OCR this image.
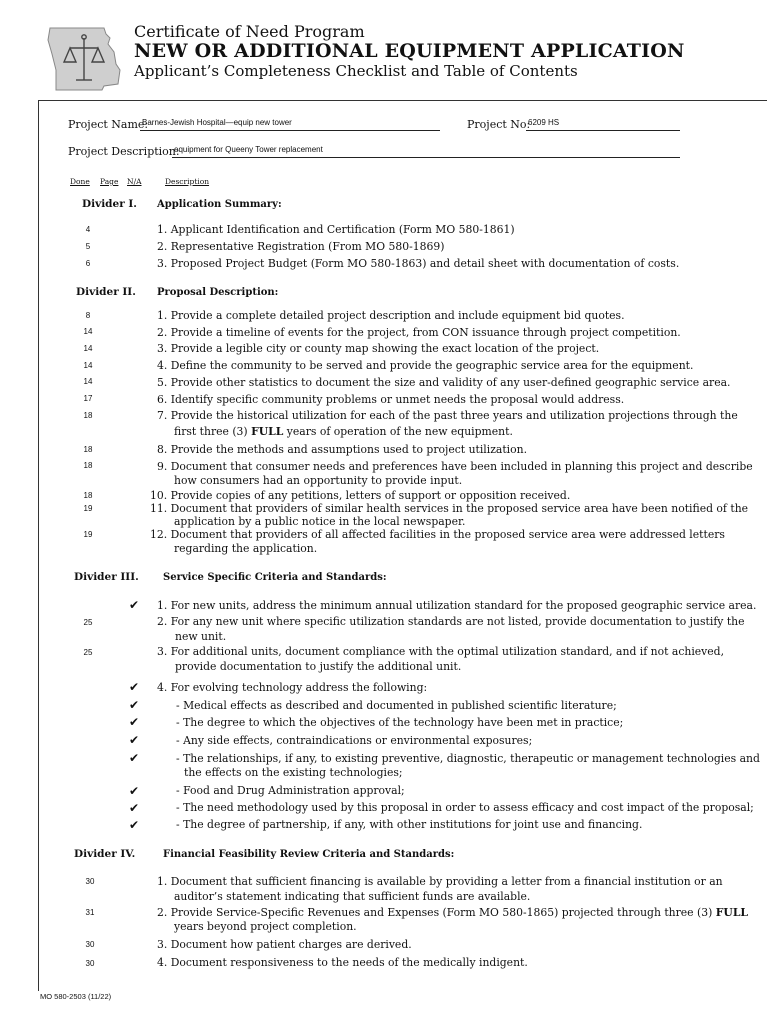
Certificate of Need Program
NEW OR ADDITIONAL EQUIPMENT APPLICATION
Applicant’s Completeness Checklist and Table of Contents
Project Name:
Barnes-Jewish Hospital—equip new tower	Project No:
6209 HS
Project Description:
equipment for Queeny Tower replacement
Done Page N/A	Description
Divider I. Application Summary:
4	1. Applicant Identification and Certification (Form MO 580-1861)
5	2. Representative Registration (From MO 580-1869)
6	3. Proposed Project Budget (Form MO 580-1863) and detail sheet with documentation of costs.
Divider II. Proposal Description:
8	1. Provide a complete detailed project description and include equipment bid quotes.
14	2. Provide a timeline of events for the project, from CON issuance through project competition.
14	3. Provide a legible city or county map showing the exact location of the project.
14	4. Define the community to be served and provide the geographic service area for the equipment.
14	5. Provide other statistics to document the size and validity of any user-defined geographic service area.
17	6. Identify specific community problems or unmet needs the proposal would address.
18	7. Provide the historical utilization for each of the past three years and utilization projections through the
first three (3) FULL years of operation of the new equipment.
18	8. Provide the methods and assumptions used to project utilization.
18	9. Document that consumer needs and preferences have been included in planning this project and describe
how consumers had an opportunity to provide input.
18	10. Provide copies of any petitions, letters of support or opposition received.
19	11. Document that providers of similar health services in the proposed service area have been notified of the
application by a public notice in the local newspaper.
19	12. Document that providers of all affected facilities in the proposed service area were addressed letters
regarding the application.
Divider III. Service Specific Criteria and Standards:
✔	1. For new units, address the minimum annual utilization standard for the proposed geographic service area.
25	2. For any new unit where specific utilization standards are not listed, provide documentation to justify the
new unit.
25	3. For additional units, document compliance with the optimal utilization standard, and if not achieved,
provide documentation to justify the additional unit.
✔	4. For evolving technology address the following:
✔	- Medical effects as described and documented in published scientific literature;
✔	- The degree to which the objectives of the technology have been met in practice;
✔	- Any side effects, contraindications or environmental exposures;
✔	- The relationships, if any, to existing preventive, diagnostic, therapeutic or management technologies and
the effects on the existing technologies;
✔	- Food and Drug Administration approval;
✔	- The need methodology used by this proposal in order to assess efficacy and cost impact of the proposal;
✔	- The degree of partnership, if any, with other institutions for joint use and financing.
Divider IV.	Financial Feasibility Review Criteria and Standards:
30	1. Document that sufficient financing is available by providing a letter from a financial institution or an
auditor’s statement indicating that sufficient funds are available.
31	2. Provide Service-Specific Revenues and Expenses (Form MO 580-1865) projected through three (3) FULL
years beyond project completion.
30	3. Document how patient charges are derived.
30	4. Document responsiveness to the needs of the medically indigent.
MO 580-2503 (11/22)
